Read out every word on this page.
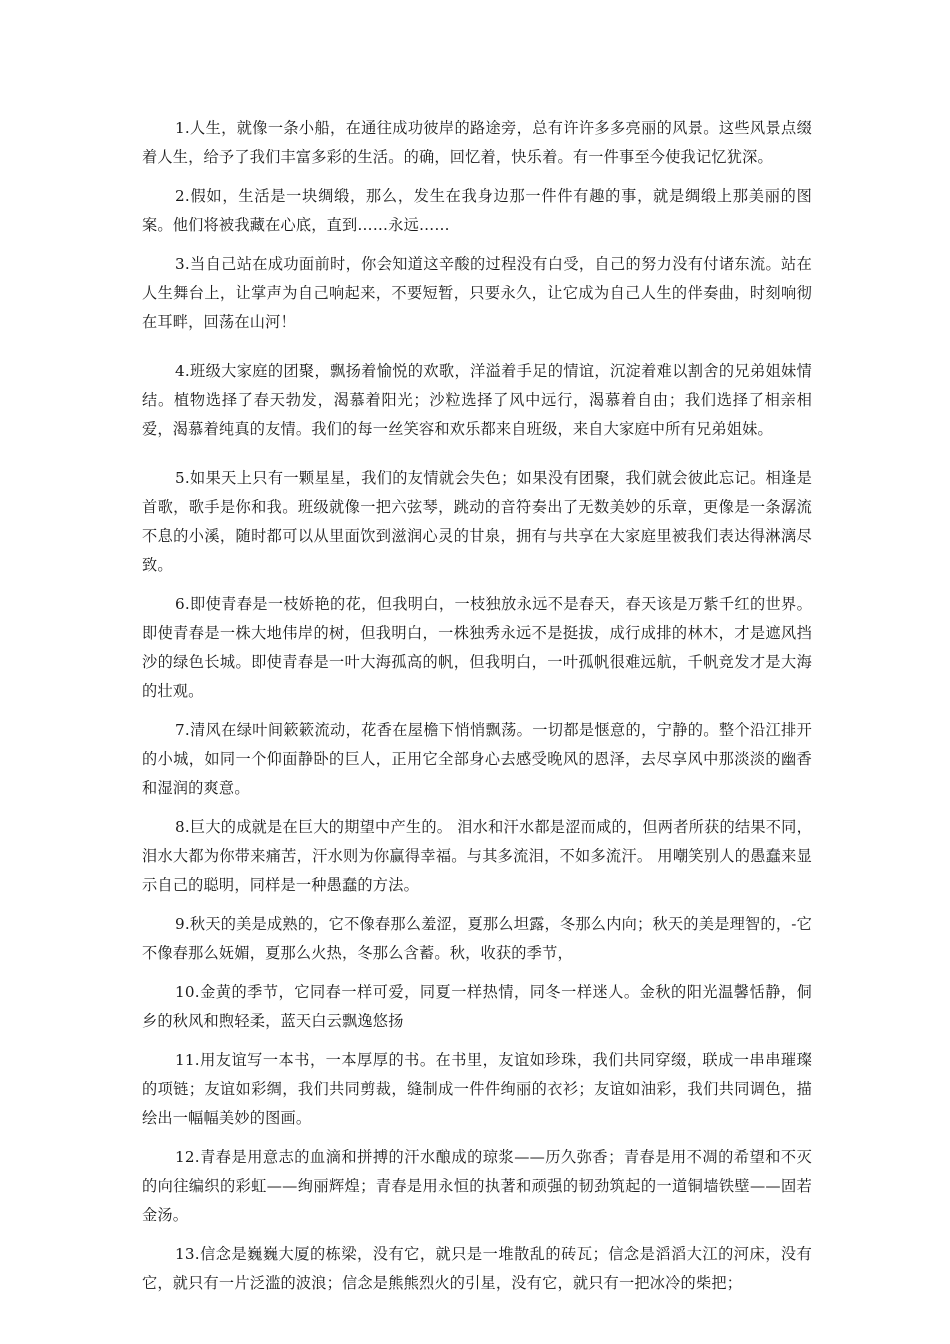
1.人生，就像一条小船，在通往成功彼岸的路途旁，总有许许多多亮丽的风景。这些风景点缀着人生，给予了我们丰富多彩的生活。的确，回忆着，快乐着。有一件事至今使我记忆犹深。

2.假如，生活是一块绸缎，那么，发生在我身边那一件件有趣的事，就是绸缎上那美丽的图案。他们将被我藏在心底，直到……永远……

3.当自己站在成功面前时，你会知道这辛酸的过程没有白受，自己的努力没有付诸东流。站在人生舞台上，让掌声为自己响起来，不要短暂，只要永久，让它成为自己人生的伴奏曲，时刻响彻在耳畔，回荡在山河！

4.班级大家庭的团聚，飘扬着愉悦的欢歌，洋溢着手足的情谊，沉淀着难以割舍的兄弟姐妹情结。植物选择了春天勃发，渴慕着阳光；沙粒选择了风中远行，渴慕着自由；我们选择了相亲相爱，渴慕着纯真的友情。我们的每一丝笑容和欢乐都来自班级，来自大家庭中所有兄弟姐妹。

5.如果天上只有一颗星星，我们的友情就会失色；如果没有团聚，我们就会彼此忘记。相逢是首歌，歌手是你和我。班级就像一把六弦琴，跳动的音符奏出了无数美妙的乐章，更像是一条潺流不息的小溪，随时都可以从里面饮到滋润心灵的甘泉，拥有与共享在大家庭里被我们表达得淋漓尽致。

6.即使青春是一枝娇艳的花，但我明白，一枝独放永远不是春天，春天该是万紫千红的世界。即使青春是一株大地伟岸的树，但我明白，一株独秀永远不是挺拔，成行成排的林木，才是遮风挡沙的绿色长城。即使青春是一叶大海孤高的帆，但我明白，一叶孤帆很难远航，千帆竞发才是大海的壮观。

7.清风在绿叶间簌簌流动，花香在屋檐下悄悄飘荡。一切都是惬意的，宁静的。整个沿江排开的小城，如同一个仰面静卧的巨人，正用它全部身心去感受晚风的恩泽，去尽享风中那淡淡的幽香和湿润的爽意。

8.巨大的成就是在巨大的期望中产生的。 泪水和汗水都是涩而咸的，但两者所获的结果不同，泪水大都为你带来痛苦，汗水则为你赢得幸福。与其多流泪，不如多流汗。 用嘲笑别人的愚蠢来显示自己的聪明，同样是一种愚蠢的方法。

9.秋天的美是成熟的，它不像春那么羞涩，夏那么坦露，冬那么内向；秋天的美是理智的，-它不像春那么妩媚，夏那么火热，冬那么含蓄。秋，收获的季节，

10.金黄的季节，它同春一样可爱，同夏一样热情，同冬一样迷人。金秋的阳光温馨恬静，侗乡的秋风和煦轻柔，蓝天白云飘逸悠扬

11.用友谊写一本书，一本厚厚的书。在书里，友谊如珍珠，我们共同穿缀，联成一串串璀璨的项链；友谊如彩绸，我们共同剪裁，缝制成一件件绚丽的衣衫；友谊如油彩，我们共同调色，描绘出一幅幅美妙的图画。

12.青春是用意志的血滴和拼搏的汗水酿成的琼浆——历久弥香；青春是用不凋的希望和不灭的向往编织的彩虹——绚丽辉煌；青春是用永恒的执著和顽强的韧劲筑起的一道铜墙铁壁——固若金汤。

13.信念是巍巍大厦的栋梁，没有它，就只是一堆散乱的砖瓦；信念是滔滔大江的河床，没有它，就只有一片泛滥的波浪；信念是熊熊烈火的引星，没有它，就只有一把冰冷的柴把；
